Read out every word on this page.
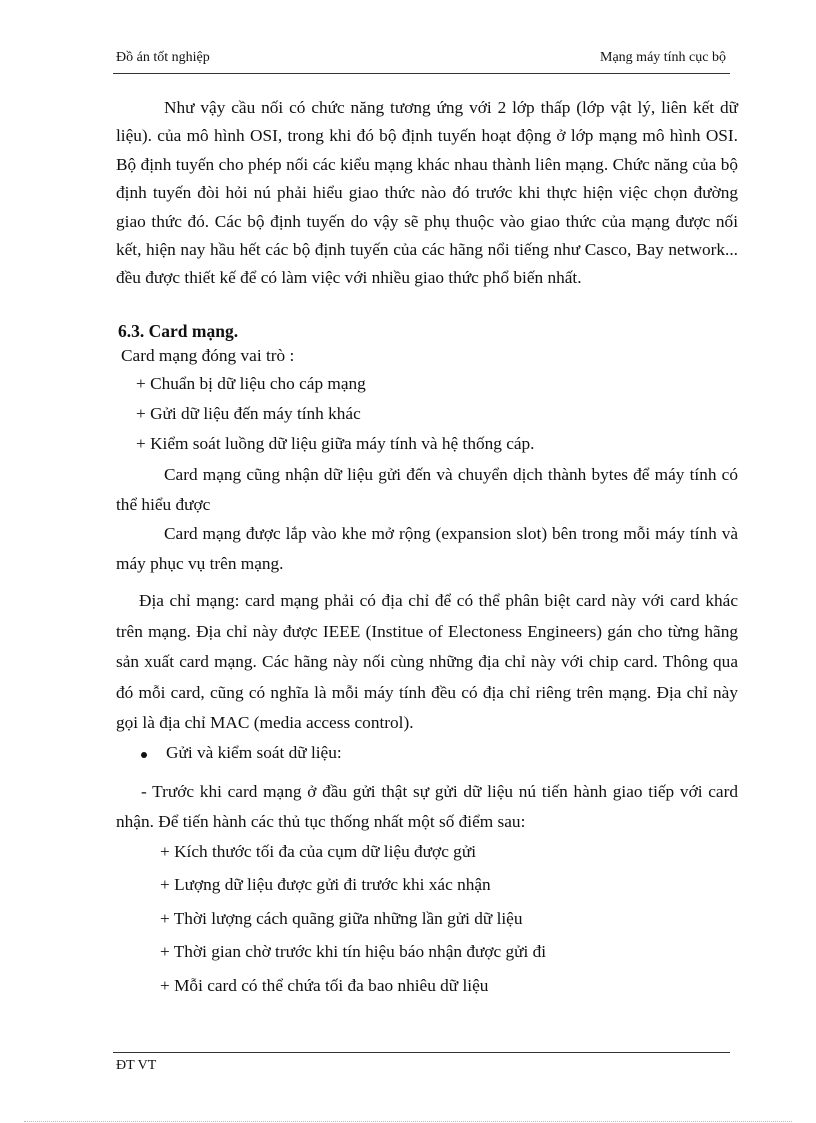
Đồ án tốt nghiệp	Mạng máy tính cục bộ

Như vậy cầu nối có chức năng tương ứng với 2 lớp thấp (lớp vật lý, liên kết dữ liệu). của mô hình OSI, trong khi đó bộ định tuyến hoạt động ở lớp mạng mô hình OSI. Bộ định tuyến cho phép nối các kiểu mạng khác nhau thành liên mạng. Chức năng của bộ định tuyến đòi hỏi nú phải hiểu giao thức nào đó trước khi thực hiện việc chọn đường giao thức đó. Các bộ định tuyến do vậy sẽ phụ thuộc vào giao thức của mạng được nối kết, hiện nay hầu hết các bộ định tuyến của các hãng nổi tiếng như Casco, Bay network... đều được thiết kế để có làm việc với nhiều giao thức phổ biến nhất.

6.3. Card mạng.

Card mạng đóng vai trò :

+ Chuẩn bị dữ liệu cho cáp mạng

+ Gửi dữ liệu đến máy tính khác

+ Kiểm soát luồng dữ liệu giữa máy tính và hệ thống cáp.

Card mạng cũng nhận dữ liệu gửi đến và chuyển dịch thành bytes để máy tính có thể hiểu được

Card mạng được lắp vào khe mở rộng (expansion slot) bên trong mỗi máy tính và máy phục vụ trên mạng.

Địa chỉ mạng: card mạng phải có địa chỉ để có thể phân biệt card này với card khác trên mạng. Địa chỉ này được IEEE (Institue of Electoness Engineers) gán cho từng hãng sản xuất card mạng. Các hãng này nối cùng những địa chỉ này với chip card. Thông qua đó mỗi card, cũng có nghĩa là mỗi máy tính đều có địa chỉ riêng trên mạng. Địa chỉ này gọi là địa chỉ MAC (media access control).

Gửi và kiểm soát dữ liệu:

- Trước khi card mạng ở đầu gửi thật sự gửi dữ liệu nú tiến hành giao tiếp với card nhận. Để tiến hành các thủ tục thống nhất một số điểm sau:

+ Kích thước tối đa của cụm dữ liệu được gửi

+ Lượng dữ liệu được gửi đi trước khi xác nhận

+ Thời lượng cách quãng giữa những lần gửi dữ liệu

+ Thời gian chờ trước khi tín hiệu báo nhận được gửi đi

+ Mỗi card có thể chứa tối đa bao nhiêu dữ liệu

ĐT VT
